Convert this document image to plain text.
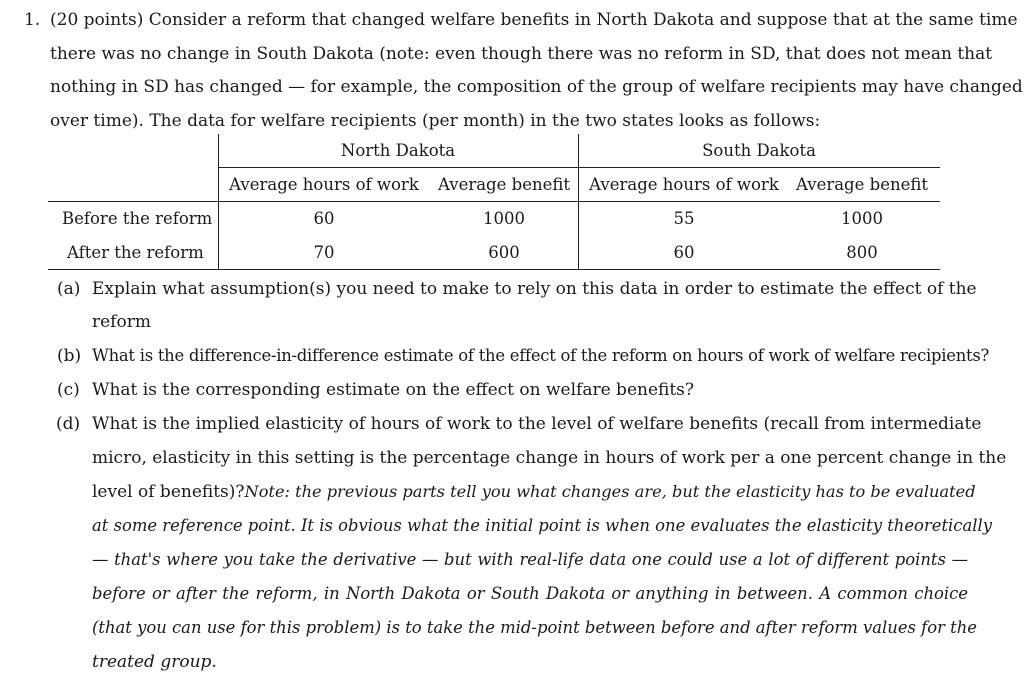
1. (20 points) Consider a reform that changed welfare benefits in North Dakota and suppose that at the same time
there was no change in South Dakota (note: even though there was no reform in SD, that does not mean that
nothing in SD has changed — for example, the composition of the group of welfare recipients may have changed
over time). The data for welfare recipients (per month) in the two states looks as follows:
North Dakota	South Dakota
Average hours of work	Average benefit	Average hours of work	Average benefit
Before the reform	60	1000	55	1000
After the reform	70	600	60	800
(a) Explain what assumption(s) you need to make to rely on this data in order to estimate the effect of the
reform
(b) What is the difference-in-difference estimate of the effect of the reform on hours of work of welfare recipients?
(c) What is the corresponding estimate on the effect on welfare benefits?
(d) What is the implied elasticity of hours of work to the level of welfare benefits (recall from intermediate
micro, elasticity in this setting is the percentage change in hours of work per a one percent change in the
level of benefits)? Note: the previous parts tell you what changes are, but the elasticity has to be evaluated
at some reference point. It is obvious what the initial point is when one evaluates the elasticity theoretically
— that's where you take the derivative — but with real-life data one could use a lot of different points —
before or after the reform, in North Dakota or South Dakota or anything in between. A common choice
(that you can use for this problem) is to take the mid-point between before and after reform values for the
treated group.
